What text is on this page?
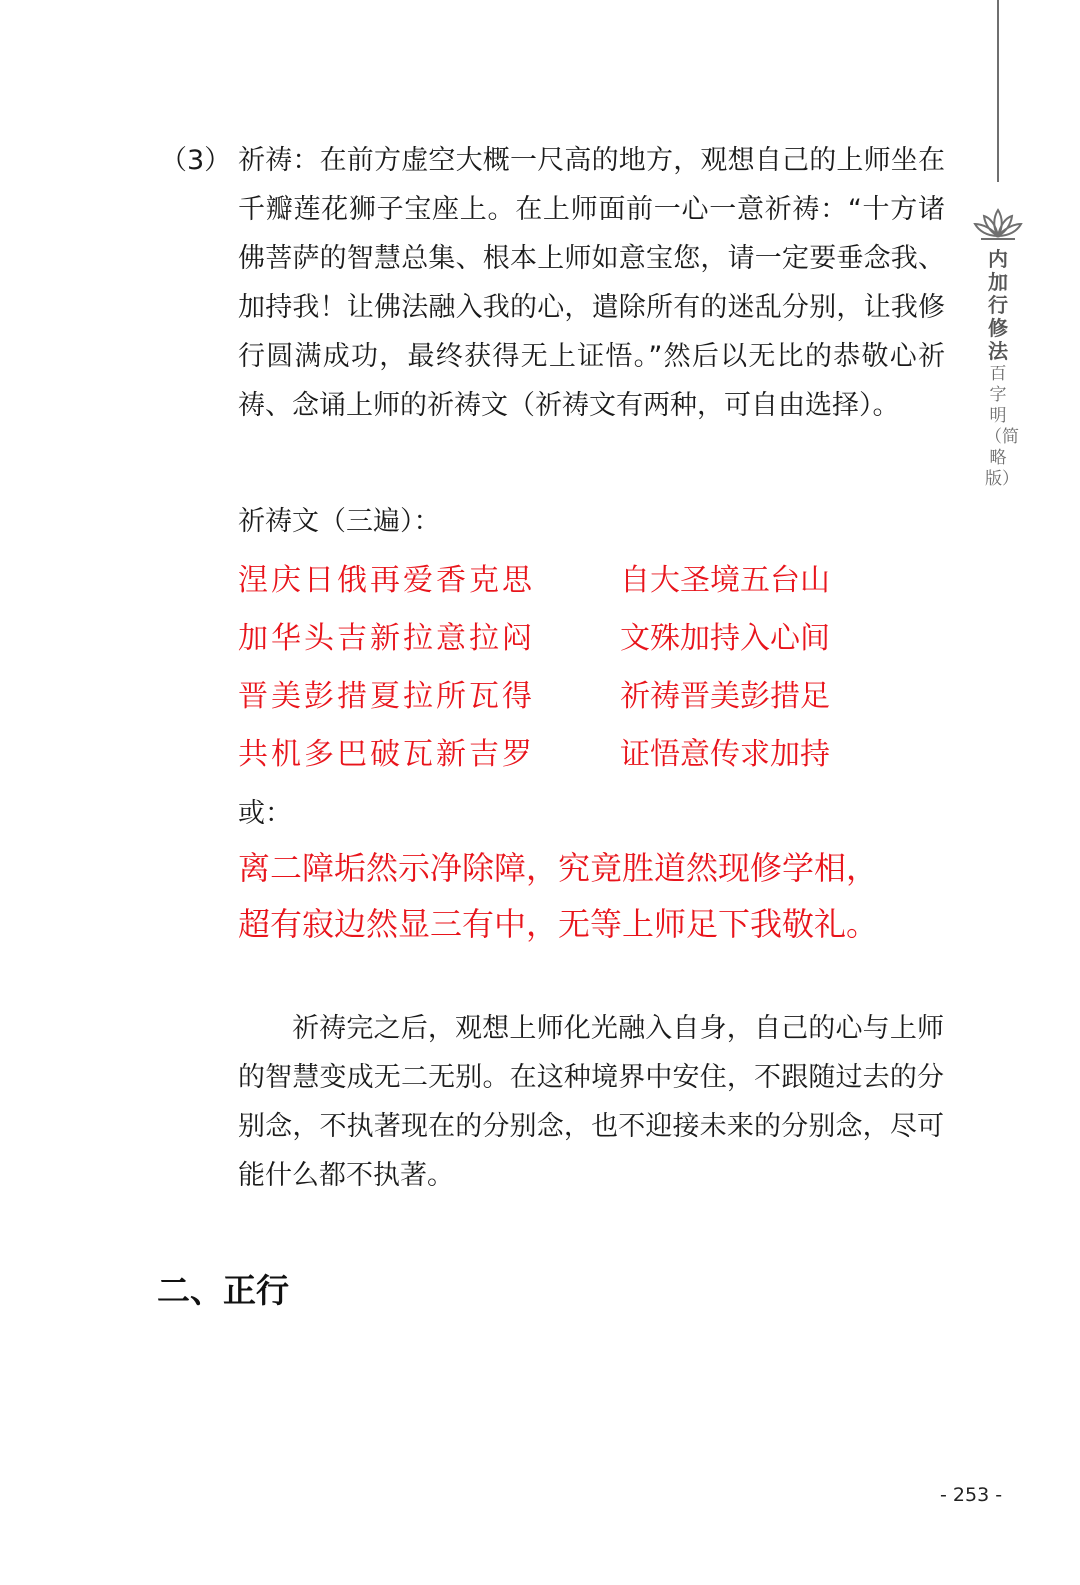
内加行修法
百字明（简略版）
（3） 祈祷：在前方虚空大概一尺高的地方，观想自己的上师坐在千瓣莲花狮子宝座上。在上师面前一心一意祈祷：“十方诸佛菩萨的智慧总集、根本上师如意宝您，请一定要垂念我、加持我！让佛法融入我的心，遣除所有的迷乱分别，让我修行圆满成功，最终获得无上证悟。”然后以无比的恭敬心祈祷、念诵上师的祈祷文（祈祷文有两种，可自由选择）。
祈祷文（三遍）：
涅庆日俄再爱香克思	自大圣境五台山
加华头吉新拉意拉闷	文殊加持入心间
晋美彭措夏拉所瓦得	祈祷晋美彭措足
共机多巴破瓦新吉罗	证悟意传求加持
或：
离二障垢然示净除障，究竟胜道然现修学相，
超有寂边然显三有中，无等上师足下我敬礼。
祈祷完之后，观想上师化光融入自身，自己的心与上师的智慧变成无二无别。在这种境界中安住，不跟随过去的分别念，不执著现在的分别念，也不迎接未来的分别念，尽可能什么都不执著。
二、正行
- 253 -
